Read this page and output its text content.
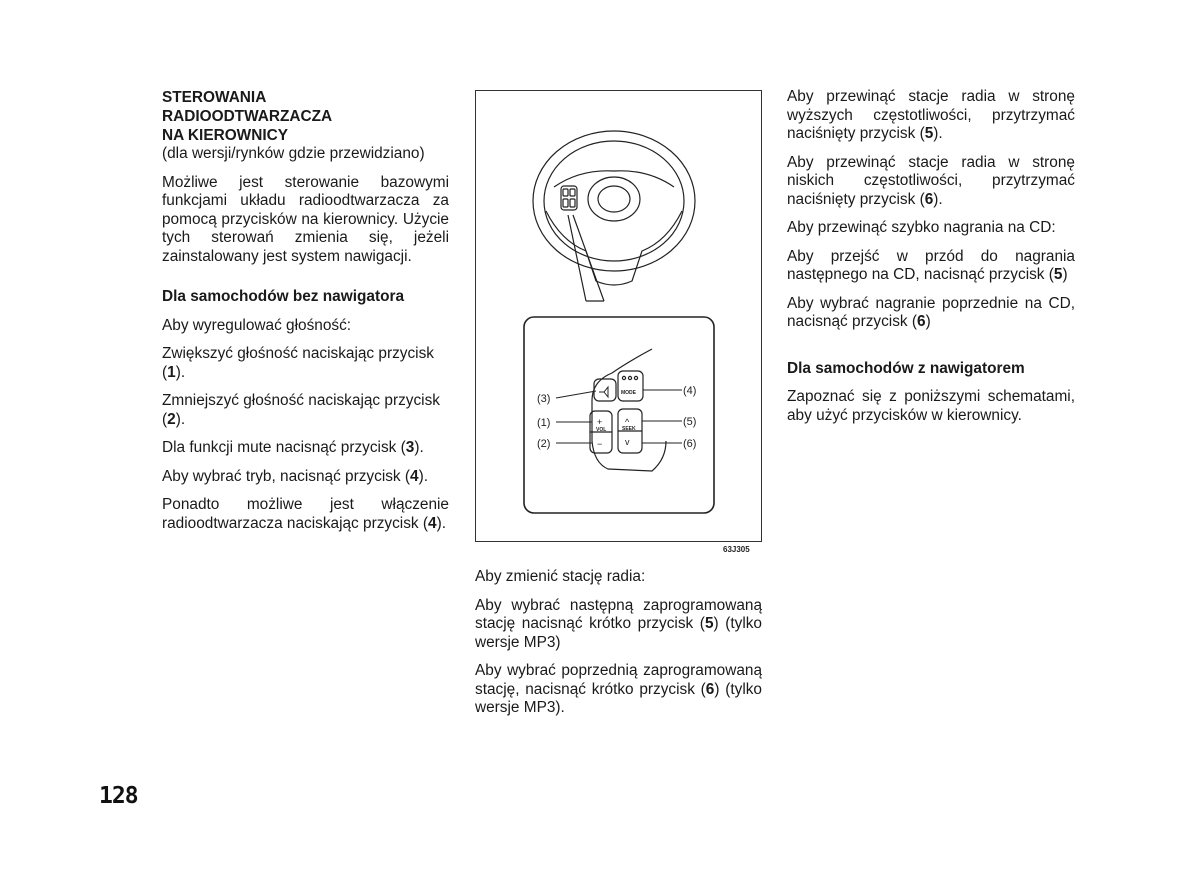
STEROWANIA
RADIOODTWARZACZA
NA KIEROWNICY

(dla wersji/rynków gdzie przewidziano)

Możliwe jest sterowanie bazowymi funkcjami układu radioodtwarzacza za pomocą przycisków na kierownicy. Użycie tych sterowań zmienia się, jeżeli zainstalowany jest system nawigacji.

Dla samochodów bez nawigatora

Aby wyregulować głośność:

Zwiększyć głośność naciskając przycisk (1).

Zmniejszyć głośność naciskając przycisk (2).

Dla funkcji mute nacisnąć przycisk (3).

Aby wybrać tryb, nacisnąć przycisk (4).

Ponadto możliwe jest włączenie radioodtwarzacza naciskając przycisk (4).

MODE
VOL	SEEK
+
−
^
v
(3)
(1)
(2)
(4)
(5)
(6)
63J305

Aby zmienić stację radia:

Aby wybrać następną zaprogramowaną stację nacisnąć krótko przycisk (5) (tylko wersje MP3)

Aby wybrać poprzednią zaprogramowaną stację, nacisnąć krótko przycisk (6) (tylko wersje MP3).

Aby przewinąć stacje radia w stronę wyższych częstotliwości, przytrzymać naciśnięty przycisk (5).

Aby przewinąć stacje radia w stronę niskich częstotliwości, przytrzymać naciśnięty przycisk (6).

Aby przewinąć szybko nagrania na CD:

Aby przejść w przód do nagrania następnego na CD, nacisnąć przycisk (5)

Aby wybrać nagranie poprzednie na CD, nacisnąć przycisk (6)

Dla samochodów z nawigatorem

Zapoznać się z poniższymi schematami, aby użyć przycisków w kierownicy.

128
